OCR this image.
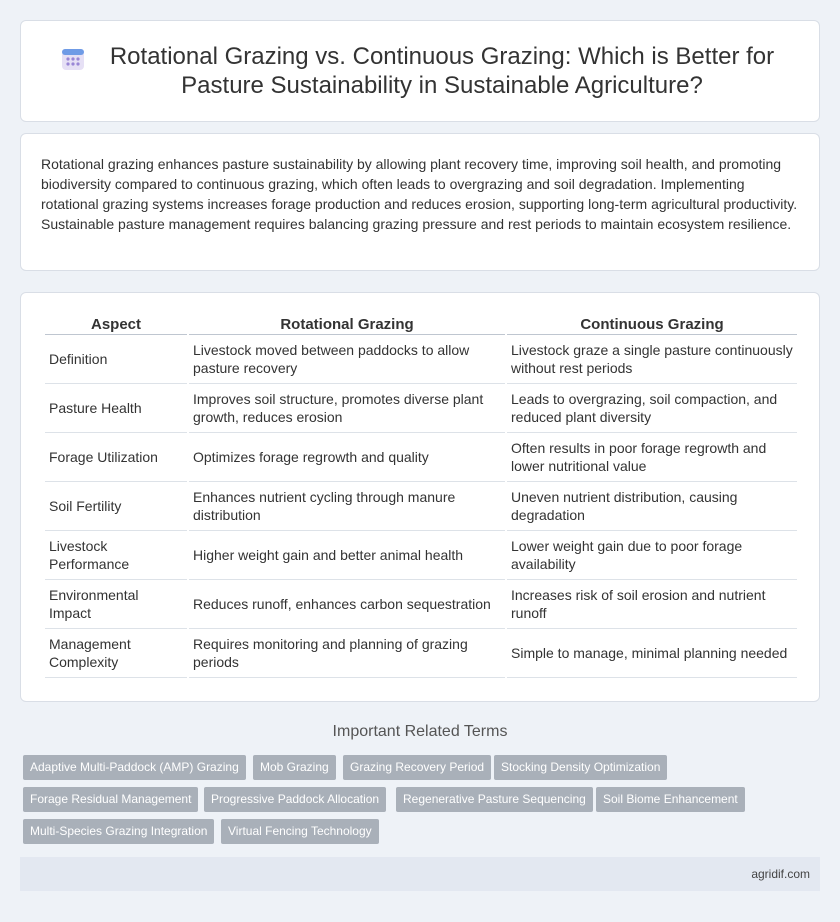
Rotational Grazing vs. Continuous Grazing: Which is Better for Pasture Sustainability in Sustainable Agriculture?

Rotational grazing enhances pasture sustainability by allowing plant recovery time, improving soil health, and promoting biodiversity compared to continuous grazing, which often leads to overgrazing and soil degradation. Implementing rotational grazing systems increases forage production and reduces erosion, supporting long-term agricultural productivity. Sustainable pasture management requires balancing grazing pressure and rest periods to maintain ecosystem resilience.

Aspect	Rotational Grazing	Continuous Grazing
Definition	Livestock moved between paddocks to allow pasture recovery	Livestock graze a single pasture continuously without rest periods
Pasture Health	Improves soil structure, promotes diverse plant growth, reduces erosion	Leads to overgrazing, soil compaction, and reduced plant diversity
Forage Utilization	Optimizes forage regrowth and quality	Often results in poor forage regrowth and lower nutritional value
Soil Fertility	Enhances nutrient cycling through manure distribution	Uneven nutrient distribution, causing degradation
Livestock Performance	Higher weight gain and better animal health	Lower weight gain due to poor forage availability
Environmental Impact	Reduces runoff, enhances carbon sequestration	Increases risk of soil erosion and nutrient runoff
Management Complexity	Requires monitoring and planning of grazing periods	Simple to manage, minimal planning needed
Important Related Terms
Adaptive Multi-Paddock (AMP) Grazing	Mob Grazing	Grazing Recovery Period	Stocking Density Optimization
Forage Residual Management	Progressive Paddock Allocation	Regenerative Pasture Sequencing	Soil Biome Enhancement
Multi-Species Grazing Integration	Virtual Fencing Technology
agridif.com
